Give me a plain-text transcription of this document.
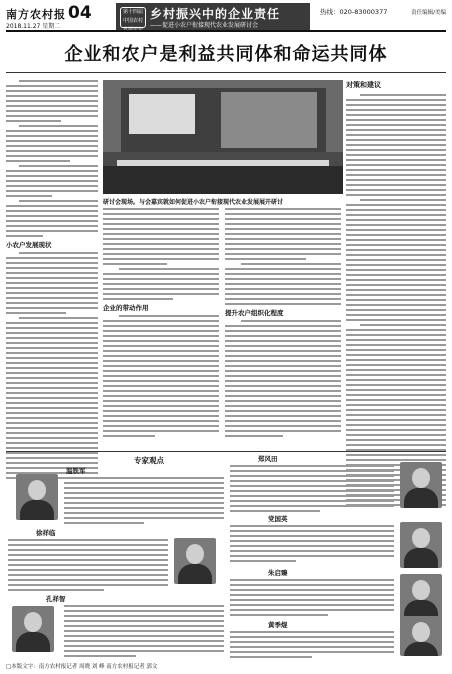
南方农村报
2018.11.27 星期二
04	第十四届 中国农村 乡村振兴中的企业责任
——促进小农户衔接现代农业发展研讨会
热线：020-83000377	责任编辑/美编
企业和农户是利益共同体和命运共同体
小农户发展现状
研讨会现场。与会嘉宾就如何促进小农户衔接现代农业发展展开研讨
对策和建议
企业的带动作用
提升农户组织化程度
专家观点
温铁军
徐祥临
孔祥智
郑风田
党国英
朱启臻
黄季焜
□本版文字：南方农村报记者 周晓 刘 峰 南方农村报记者 郭文
